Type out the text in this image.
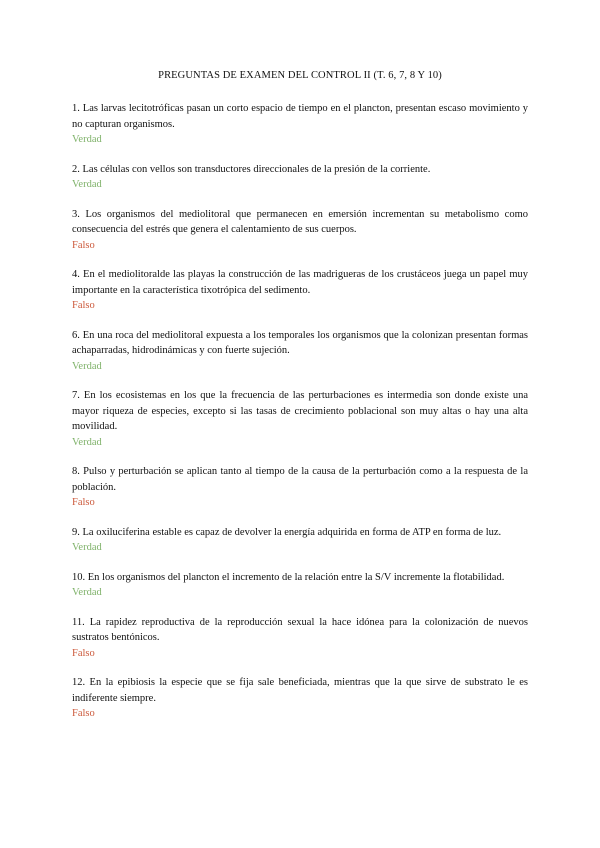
PREGUNTAS DE EXAMEN DEL CONTROL II (T. 6, 7, 8 Y 10)

1. Las larvas lecitotróficas pasan un corto espacio de tiempo en el plancton, presentan escaso movimiento y no capturan organismos.

Verdad

2. Las células con vellos son transductores direccionales de la presión de la corriente.

Verdad

3. Los organismos del mediolitoral que permanecen en emersión incrementan su metabolismo como consecuencia del estrés que genera el calentamiento de sus cuerpos.

Falso

4. En el mediolitoralde las playas la construcción de las madrigueras de los crustáceos juega un papel muy importante en la característica tixotrópica del sedimento.

Falso

6. En una roca del mediolitoral expuesta a los temporales los organismos que la colonizan presentan formas achaparradas, hidrodinámicas y con fuerte sujeción.

Verdad

7. En los ecosistemas en los que la frecuencia de las perturbaciones es intermedia son donde existe una mayor riqueza de especies, excepto si las tasas de crecimiento poblacional son muy altas o hay una alta movilidad.

Verdad

8. Pulso y perturbación se aplican tanto al tiempo de la causa de la perturbación como a la respuesta de la población.

Falso

9. La oxiluciferina estable es capaz de devolver la energía adquirida en forma de ATP en forma de luz.

Verdad

10. En los organismos del plancton el incremento de la relación entre la S/V incremente la flotabilidad.

Verdad

11. La rapidez reproductiva de la reproducción sexual la hace idónea para la colonización de nuevos sustratos bentónicos.

Falso

12. En la epibiosis la especie que se fija sale beneficiada, mientras que la que sirve de substrato le es indiferente siempre.

Falso
